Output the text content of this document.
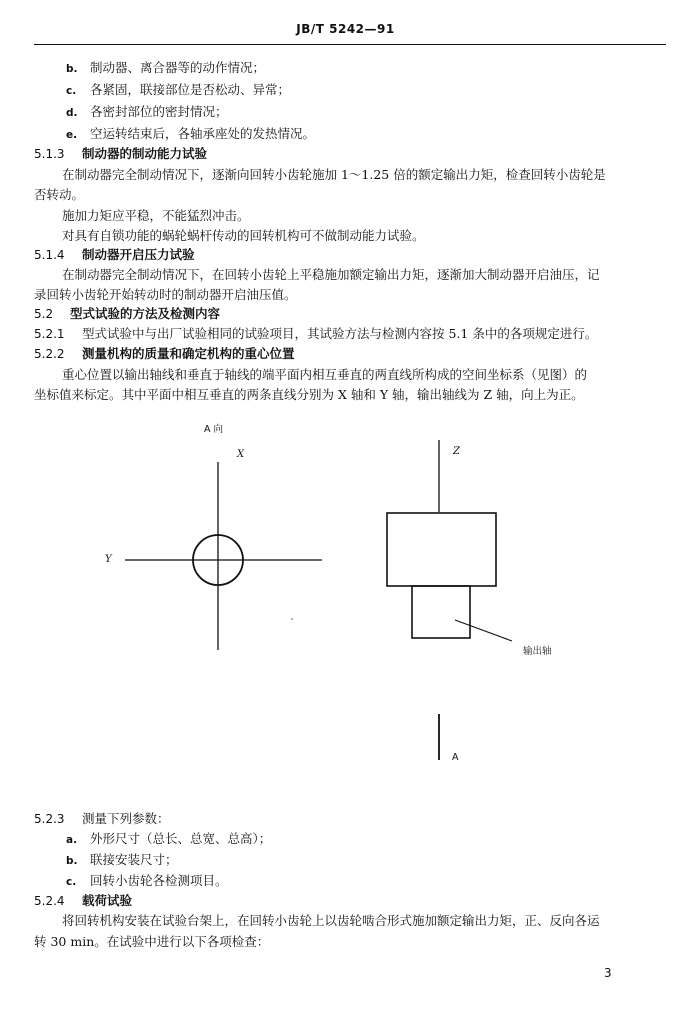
JB/T 5242—91
b. 制动器、离合器等的动作情况；
c. 各紧固，联接部位是否松动、异常；
d. 各密封部位的密封情况；
e. 空运转结束后，各轴承座处的发热情况。
5.1.3 制动器的制动能力试验
在制动器完全制动情况下，逐渐向回转小齿轮施加 1～1.25 倍的额定输出力矩，检查回转小齿轮是
否转动。
施加力矩应平稳，不能猛烈冲击。
对具有自锁功能的蜗轮蜗杆传动的回转机构可不做制动能力试验。
5.1.4 制动器开启压力试验
在制动器完全制动情况下，在回转小齿轮上平稳施加额定输出力矩，逐渐加大制动器开启油压，记
录回转小齿轮开始转动时的制动器开启油压值。
5.2 型式试验的方法及检测内容
5.2.1 型式试验中与出厂试验相同的试验项目，其试验方法与检测内容按 5.1 条中的各项规定进行。
5.2.2 测量机构的质量和确定机构的重心位置
重心位置以输出轴线和垂直于轴线的端平面内相互垂直的两直线所构成的空间坐标系（见图）的
坐标值来标定。其中平面中相互垂直的两条直线分别为 X 轴和 Y 轴，输出轴线为 Z 轴，向上为正。
A 向
X
Y
Z
输出轴
A
5.2.3 测量下列参数：
a. 外形尺寸（总长、总宽、总高）；
b. 联接安装尺寸；
c. 回转小齿轮各检测项目。
5.2.4 载荷试验
将回转机构安装在试验台架上，在回转小齿轮上以齿轮啮合形式施加额定输出力矩，正、反向各运
转 30 min。在试验中进行以下各项检查：
3
